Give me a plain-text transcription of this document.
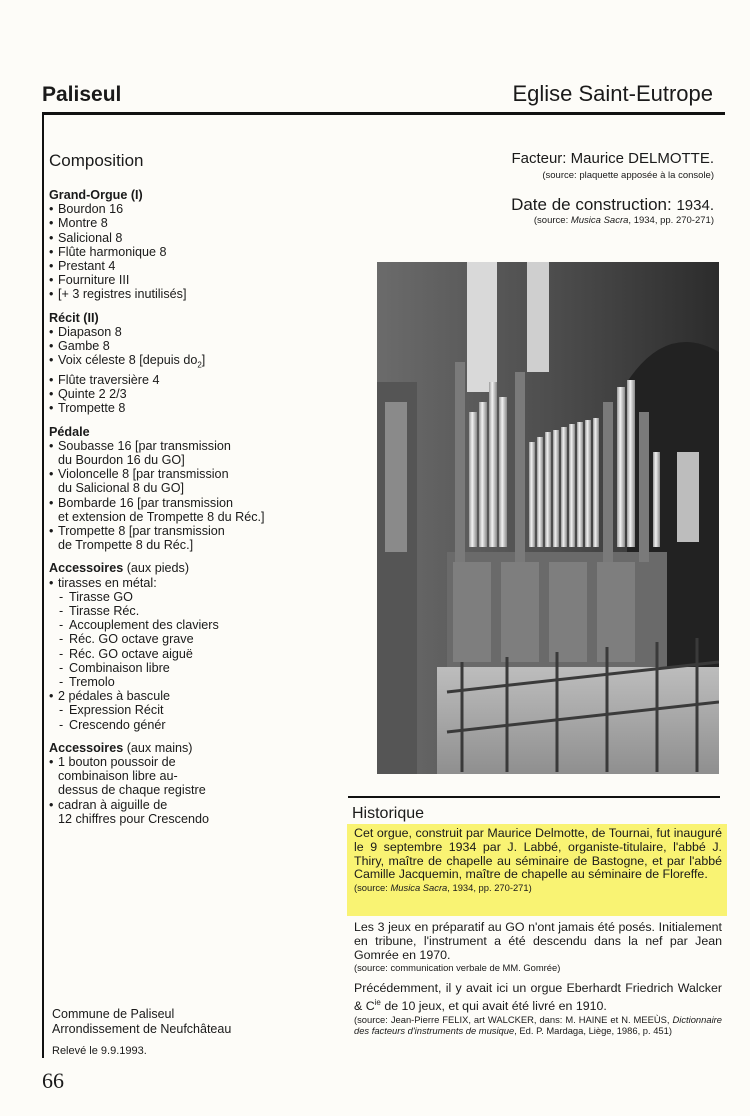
Paliseul	Eglise Saint-Eutrope
Composition
Grand-Orgue (I)
• Bourdon 16
• Montre 8
• Salicional 8
• Flûte harmonique 8
• Prestant 4
• Fourniture III
• [+ 3 registres inutilisés]
Récit (II)
• Diapason 8
• Gambe 8
• Voix céleste 8 [depuis $do_2$]
• Flûte traversière 4
• Quinte 2 2/3
• Trompette 8
Pédale
• Soubasse 16 [par transmission
du Bourdon 16 du GO]
• Violoncelle 8 [par transmission
du Salicional 8 du GO]
• Bombarde 16 [par transmission
et extension de Trompette 8 du Réc.]
• Trompette 8 [par transmission
de Trompette 8 du Réc.]
Accessoires (aux pieds)
• tirasses en métal:
- Tirasse GO
- Tirasse Réc.
- Accouplement des claviers
- Réc. GO octave grave
- Réc. GO octave aiguë
- Combinaison libre
- Tremolo
• 2 pédales à bascule
- Expression Récit
- Crescendo génér
Accessoires (aux mains)
• 1 bouton poussoir de
combinaison libre au-
dessus de chaque registre
• cadran à aiguille de
12 chiffres pour Crescendo
Facteur: Maurice DELMOTTE.
(source: plaquette apposée à la console)
Date de construction: 1934.
(source: Musica Sacra, 1934, pp. 270-271)
Historique
Cet orgue, construit par Maurice Delmotte, de Tournai, fut inauguré le 9 septembre 1934 par J. Labbé, organiste-titulaire, l'abbé J. Thiry, maître de chapelle au séminaire de Bastogne, et par l'abbé Camille Jacquemin, maître de chapelle au séminaire de Floreffe.
(source: Musica Sacra, 1934, pp. 270-271)
Les 3 jeux en préparatif au GO n'ont jamais été posés. Initialement en tribune, l'instrument a été descendu dans la nef par Jean Gomrée en 1970.
(source: communication verbale de MM. Gomrée)
Précédemment, il y avait ici un orgue Eberhardt Friedrich Walcker & $C^{ie}$ de 10 jeux, et qui avait été livré en 1910.
(source: Jean-Pierre FELIX, art WALCKER, dans: M. HAINE et N. MEEÙS, Dictionnaire des facteurs d'instruments de musique, Ed. P. Mardaga, Liège, 1986, p. 451)
Commune de Paliseul
Arrondissement de Neufchâteau
Relevé le 9.9.1993.
66
